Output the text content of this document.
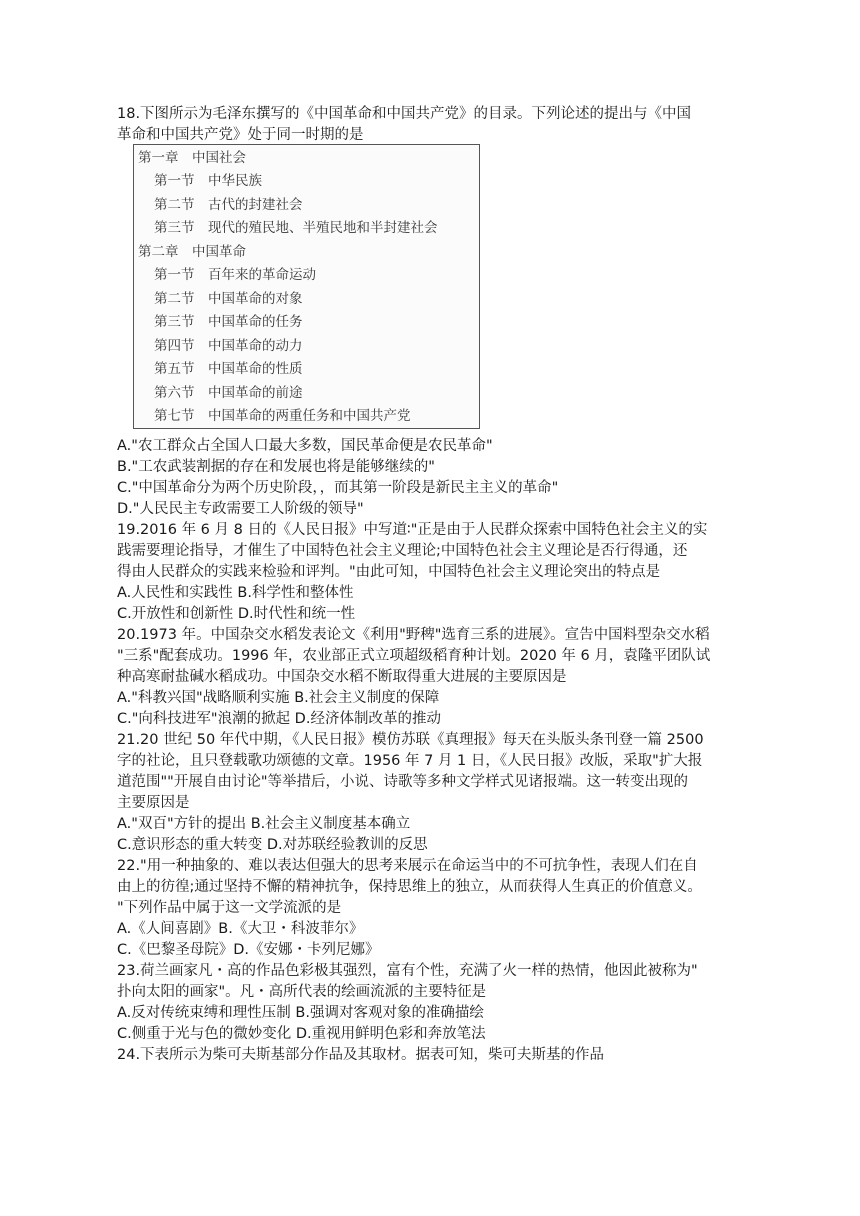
18.下图所示为毛泽东撰写的《中国革命和中国共产党》的目录。下列论述的提出与《中国
革命和中国共产党》处于同一时期的是
第一章　中国社会
第一节　中华民族
第二节　古代的封建社会
第三节　现代的殖民地、半殖民地和半封建社会
第二章　中国革命
第一节　百年来的革命运动
第二节　中国革命的对象
第三节　中国革命的任务
第四节　中国革命的动力
第五节　中国革命的性质
第六节　中国革命的前途
第七节　中国革命的两重任务和中国共产党
A."农工群众占全国人口最大多数，国民革命便是农民革命"
B."工农武装割据的存在和发展也将是能够继续的"
C."中国革命分为两个历史阶段，，而其第一阶段是新民主主义的革命"
D."人民民主专政需要工人阶级的领导"
19.2016 年 6 月 8 日的《人民日报》中写道∶"正是由于人民群众探索中国特色社会主义的实
践需要理论指导，才催生了中国特色社会主义理论;中国特色社会主义理论是否行得通，还
得由人民群众的实践来检验和评判。"由此可知，中国特色社会主义理论突出的特点是
A.人民性和实践性 B.科学性和整体性
C.开放性和创新性 D.时代性和统一性
20.1973 年。中国杂交水稻发表论文《利用"野稗"选育三系的进展》。宣告中国料型杂交水稻
"三系"配套成功。1996 年，农业部正式立项超级稻育种计划。2020 年 6 月，袁隆平团队试
种高寒耐盐碱水稻成功。中国杂交水稻不断取得重大进展的主要原因是
A."科教兴国"战略顺利实施 B.社会主义制度的保障
C."向科技进军"浪潮的掀起 D.经济体制改革的推动
21.20 世纪 50 年代中期，《人民日报》模仿苏联《真理报》每天在头版头条刊登一篇 2500
字的社论，且只登载歌功颂德的文章。1956 年 7 月 1 日，《人民日报》改版，采取"扩大报
道范围""开展自由讨论"等举措后，小说、诗歌等多种文学样式见诸报端。这一转变出现的
主要原因是
A."双百"方针的提出 B.社会主义制度基本确立
C.意识形态的重大转变 D.对苏联经验教训的反思
22."用一种抽象的、难以表达但强大的思考来展示在命运当中的不可抗争性，表现人们在自
由上的彷徨;通过坚持不懈的精神抗争，保持思维上的独立，从而获得人生真正的价值意义。
"下列作品中属于这一文学流派的是
A.《人间喜剧》B.《大卫・科波菲尔》
C.《巴黎圣母院》D.《安娜・卡列尼娜》
23.荷兰画家凡・高的作品色彩极其强烈，富有个性，充满了火一样的热情，他因此被称为"
扑向太阳的画家"。凡・高所代表的绘画流派的主要特征是
A.反对传统束缚和理性压制 B.强调对客观对象的准确描绘
C.侧重于光与色的微妙变化 D.重视用鲜明色彩和奔放笔法
24.下表所示为柴可夫斯基部分作品及其取材。据表可知，柴可夫斯基的作品
